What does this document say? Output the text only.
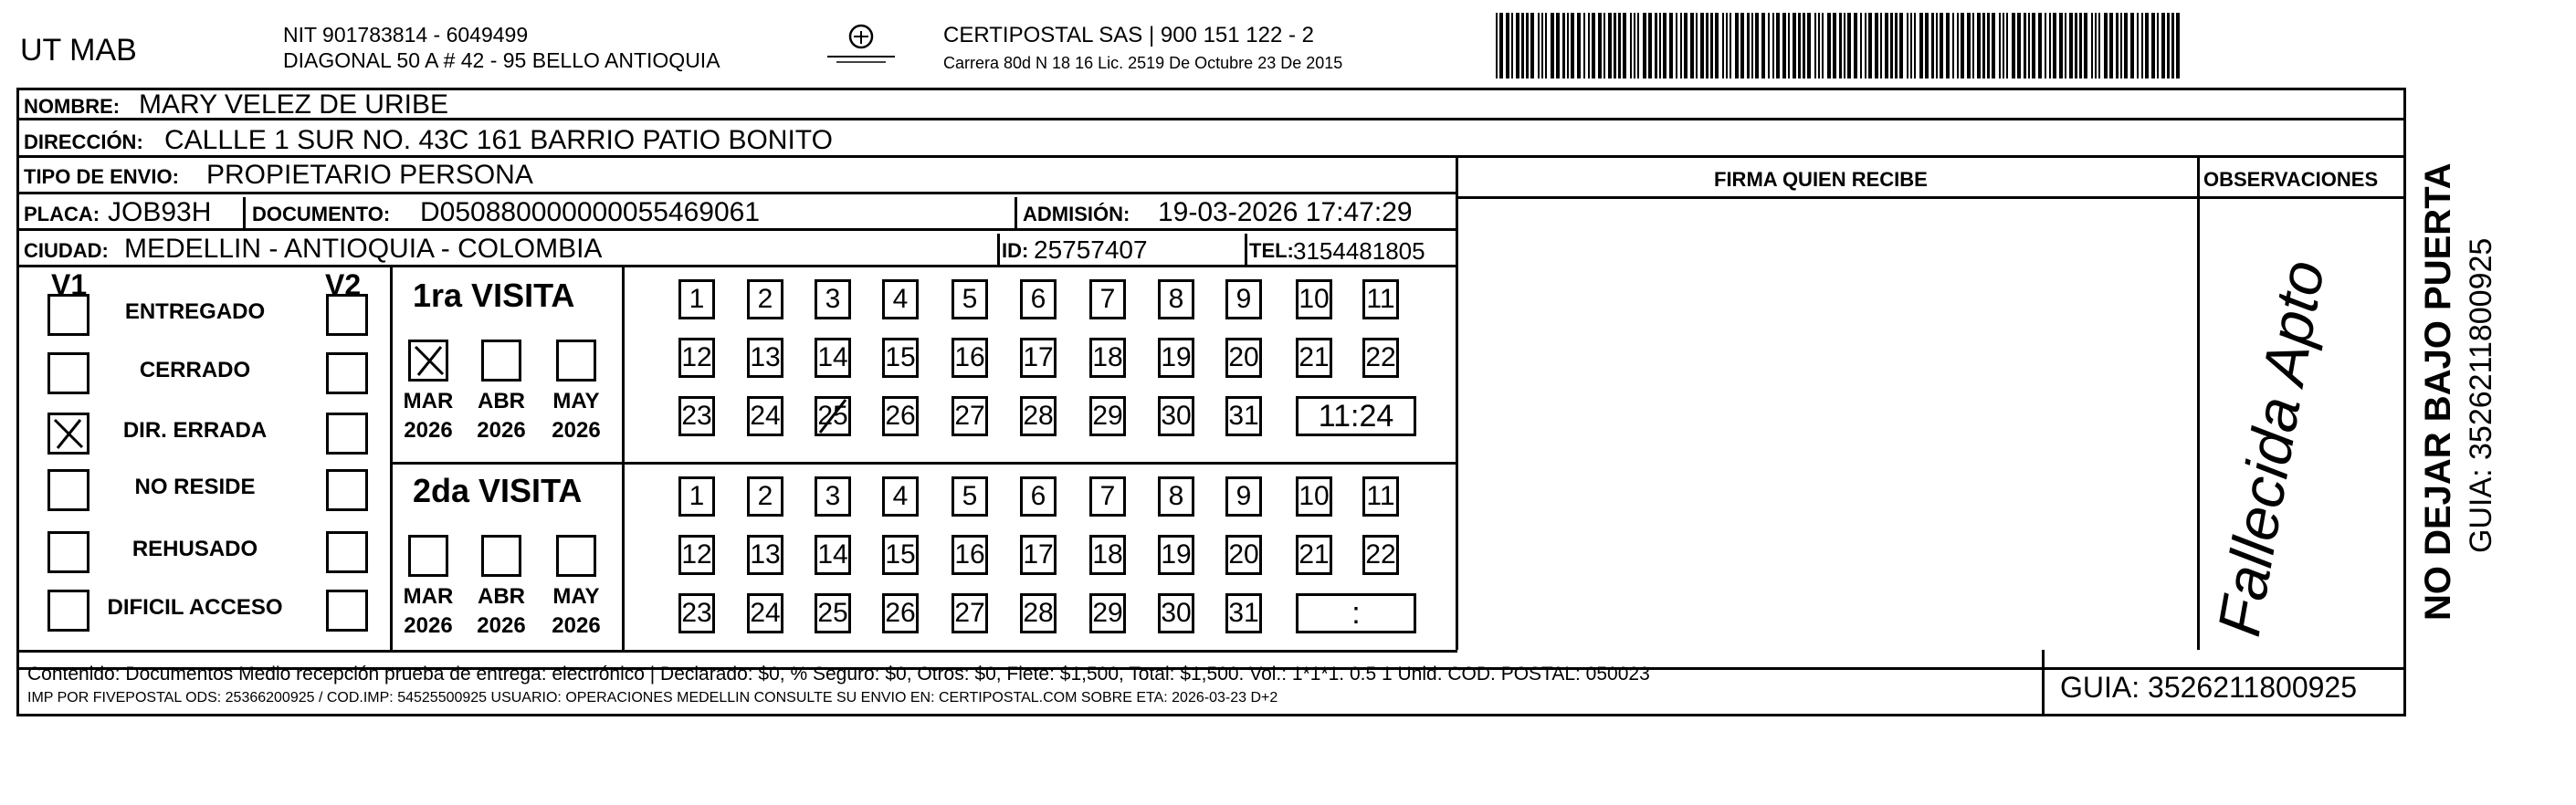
UT MAB	NIT 901783814 - 6049499
DIAGONAL 50 A # 42 - 95 BELLO ANTIOQUIA
CERTIPOSTAL SAS | 900 151 122 - 2
Carrera 80d N 18 16 Lic. 2519 De Octubre 23 De 2015
FIRMA QUIEN RECIBE	OBSERVACIONES
Fallecida Apto
NOMBRE: MARY VELEZ DE URIBE
DIRECCIÓN: CALLLE 1 SUR NO. 43C 161 BARRIO PATIO BONITO
TIPO DE ENVIO: PROPIETARIO PERSONA
PLACA: JOB93H DOCUMENTO: D050880000000055469061	ADMISIÓN: 19-03-2026 17:47:29
CIUDAD: MEDELLIN - ANTIOQUIA - COLOMBIA	ID: 25757407	TEL: 3154481805
V1	V2 1ra VISITA
2da VISITA
Contenido: Documentos Medio recepción prueba de entrega: electrónico | Declarado: $0, % Seguro: $0, Otros: $0, Flete: $1,500, Total: $1,500. Vol.: 1*1*1. 0.5 1 Unid. COD. POSTAL: 050023
IMP POR FIVEPOSTAL ODS: 25366200925 / COD.IMP: 54525500925 USUARIO: OPERACIONES MEDELLIN CONSULTE SU ENVIO EN: CERTIPOSTAL.COM SOBRE ETA: 2026-03-23 D+2	GUIA: 3526211800925
NO DEJAR BAJO PUERTA GUIA: 3526211800925
ENTREGADO
CERRADO
DIR. ERRADA
NO RESIDE
REHUSADO
DIFICIL ACCESO
MAR
2026
ABR
2026
MAY
2026
MAR
2026
ABR
2026
MAY
2026
1	2	3	4	5	6	7	8	9	10 11
12 13 14 15 16 17 18 19 20 21 22
23 24 25 26 27 28 29 30 31	11:24
1	2	3	4	5	6	7	8	9	10 11
12 13 14 15 16 17 18 19 20 21 22
23 24 25 26 27 28 29 30 31	:
